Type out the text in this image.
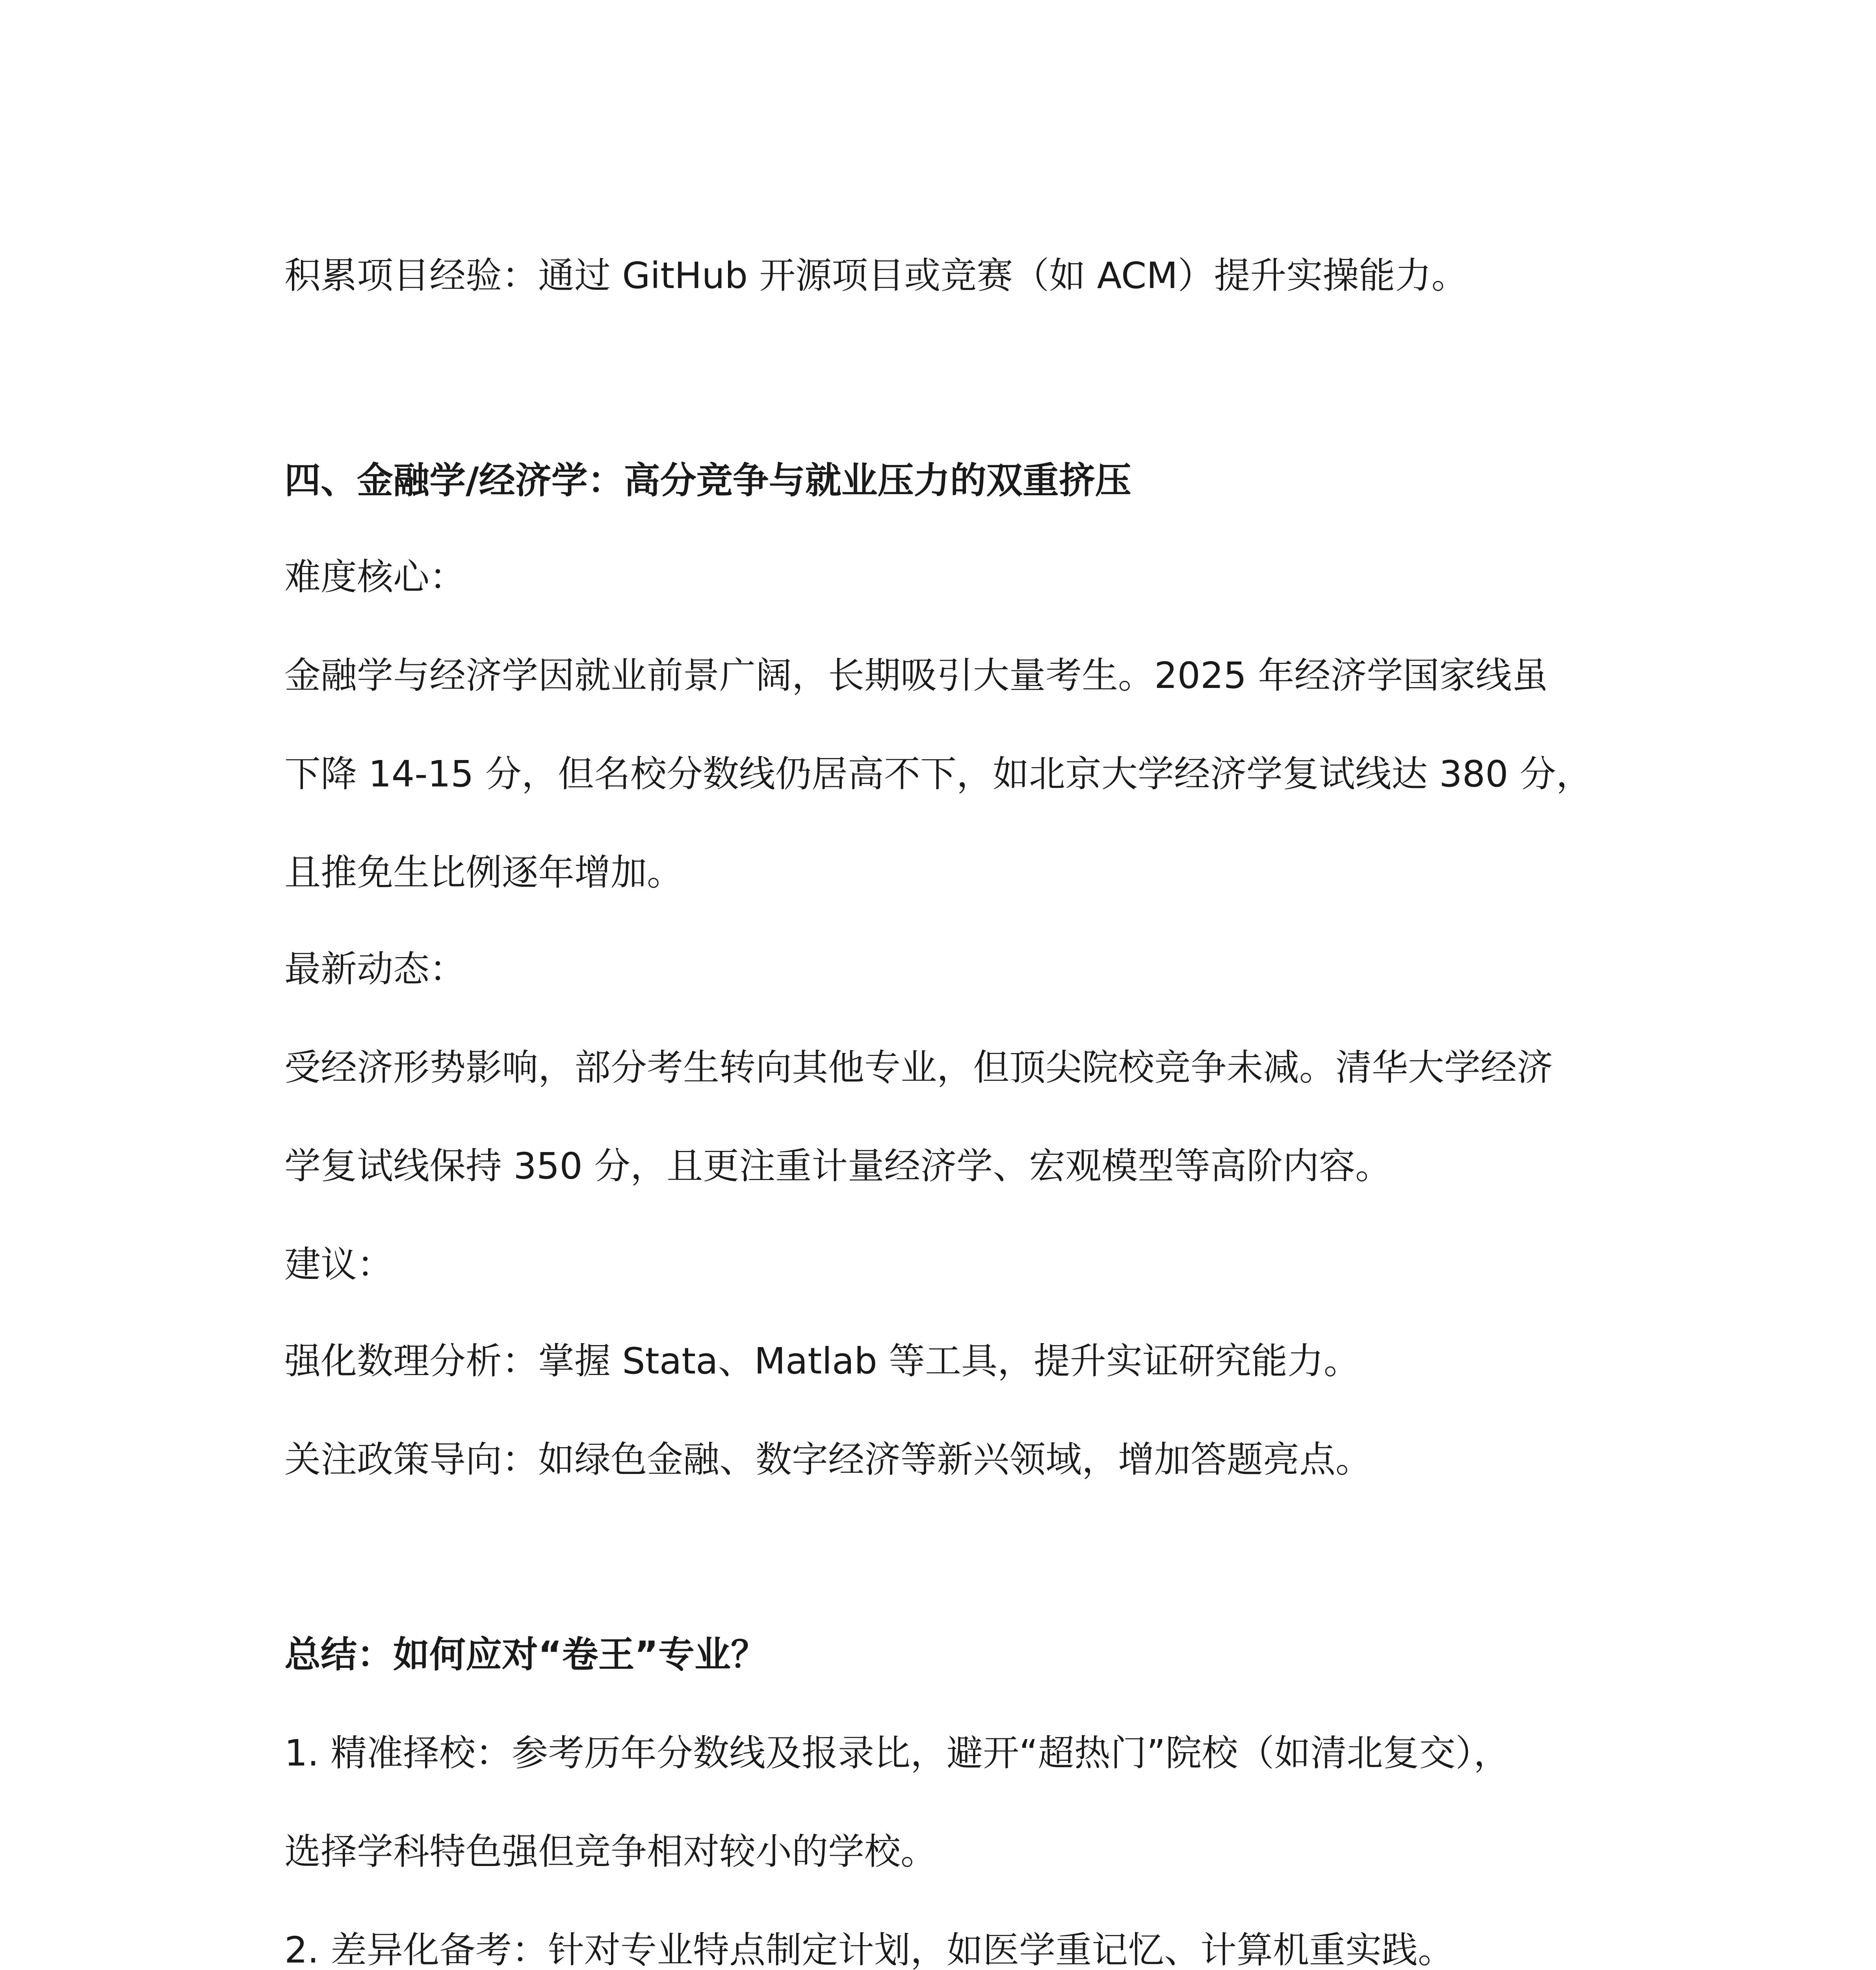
积累项目经验：通过 GitHub 开源项目或竞赛（如 ACM）提升实操能力。

四、金融学/经济学：高分竞争与就业压力的双重挤压

难度核心：

金融学与经济学因就业前景广阔，长期吸引大量考生。2025 年经济学国家线虽

下降 14-15 分，但名校分数线仍居高不下，如北京大学经济学复试线达 380 分，

且推免生比例逐年增加。

最新动态：

受经济形势影响，部分考生转向其他专业，但顶尖院校竞争未减。清华大学经济

学复试线保持 350 分，且更注重计量经济学、宏观模型等高阶内容。

建议：

强化数理分析：掌握 Stata、Matlab 等工具，提升实证研究能力。

关注政策导向：如绿色金融、数字经济等新兴领域，增加答题亮点。

总结：如何应对“卷王”专业？

1. 精准择校：参考历年分数线及报录比，避开“超热门”院校（如清北复交），

选择学科特色强但竞争相对较小的学校。

2. 差异化备考：针对专业特点制定计划，如医学重记忆、计算机重实践。
